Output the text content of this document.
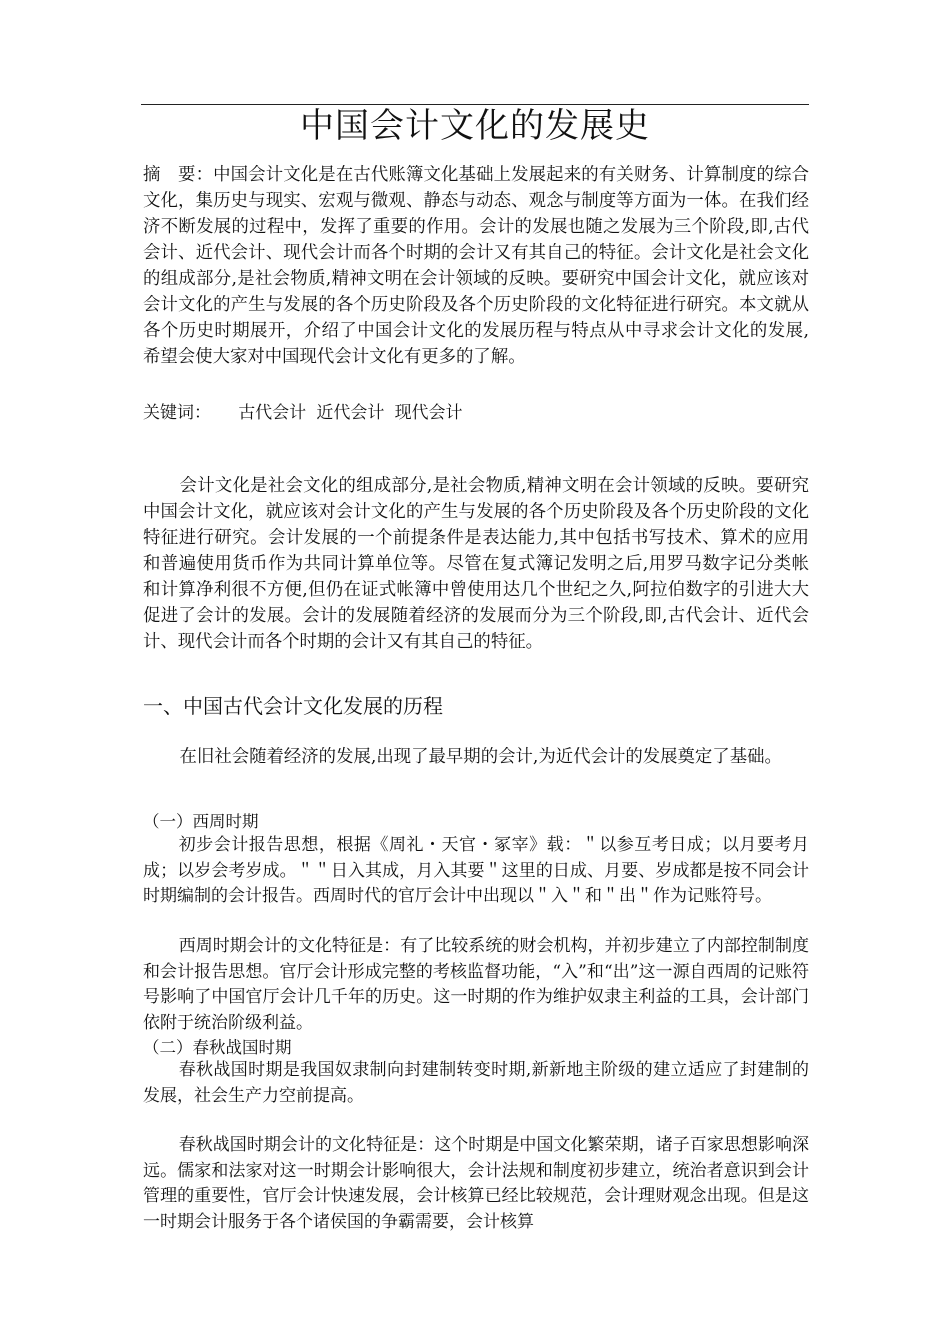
中国会计文化的发展史

摘　要：中国会计文化是在古代账簿文化基础上发展起来的有关财务、计算制度的综合文化，集历史与现实、宏观与微观、静态与动态、观念与制度等方面为一体。在我们经济不断发展的过程中，发挥了重要的作用。会计的发展也随之发展为三个阶段,即,古代会计、近代会计、现代会计而各个时期的会计又有其自己的特征。会计文化是社会文化的组成部分,是社会物质,精神文明在会计领域的反映。要研究中国会计文化，就应该对会计文化的产生与发展的各个历史阶段及各个历史阶段的文化特征进行研究。本文就从各个历史时期展开，介绍了中国会计文化的发展历程与特点从中寻求会计文化的发展,希望会使大家对中国现代会计文化有更多的了解。

关键词： 古代会计 近代会计 现代会计

会计文化是社会文化的组成部分,是社会物质,精神文明在会计领域的反映。要研究中国会计文化，就应该对会计文化的产生与发展的各个历史阶段及各个历史阶段的文化特征进行研究。会计发展的一个前提条件是表达能力,其中包括书写技术、算术的应用和普遍使用货币作为共同计算单位等。尽管在复式簿记发明之后,用罗马数字记分类帐和计算净利很不方便,但仍在证式帐簿中曾使用达几个世纪之久,阿拉伯数字的引进大大促进了会计的发展。会计的发展随着经济的发展而分为三个阶段,即,古代会计、近代会计、现代会计而各个时期的会计又有其自己的特征。

一、中国古代会计文化发展的历程

在旧社会随着经济的发展,出现了最早期的会计,为近代会计的发展奠定了基础。

（一）西周时期

初步会计报告思想，根据《周礼・天官・冢宰》载：＂以参互考日成；以月要考月成；以岁会考岁成。＂＂日入其成，月入其要＂这里的日成、月要、岁成都是按不同会计时期编制的会计报告。西周时代的官厅会计中出现以＂入＂和＂出＂作为记账符号。

西周时期会计的文化特征是：有了比较系统的财会机构，并初步建立了内部控制制度和会计报告思想。官厅会计形成完整的考核监督功能，“入”和“出”这一源自西周的记账符号影响了中国官厅会计几千年的历史。这一时期的作为维护奴隶主利益的工具，会计部门依附于统治阶级利益。

（二）春秋战国时期

春秋战国时期是我国奴隶制向封建制转变时期,新新地主阶级的建立适应了封建制的发展，社会生产力空前提高。

春秋战国时期会计的文化特征是：这个时期是中国文化繁荣期，诸子百家思想影响深远。儒家和法家对这一时期会计影响很大，会计法规和制度初步建立，统治者意识到会计管理的重要性，官厅会计快速发展，会计核算已经比较规范，会计理财观念出现。但是这一时期会计服务于各个诸侯国的争霸需要，会计核算
